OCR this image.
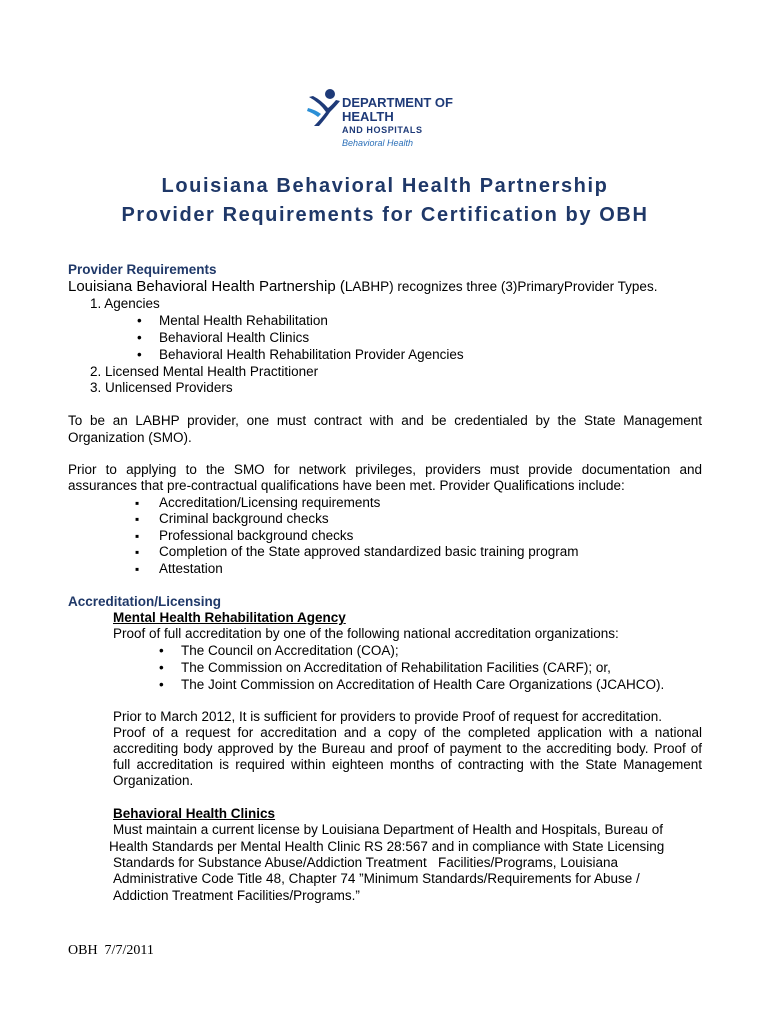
DEPARTMENT OF
HEALTH
AND HOSPITALS
Behavioral Health
Louisiana Behavioral Health Partnership
Provider Requirements for Certification by OBH
Provider Requirements
Louisiana Behavioral Health Partnership (LABHP) recognizes three (3)PrimaryProvider Types.
1. Agencies
• Mental Health Rehabilitation
• Behavioral Health Clinics
• Behavioral Health Rehabilitation Provider Agencies
2. Licensed Mental Health Practitioner
3. Unlicensed Providers
To be an LABHP provider, one must contract with and be credentialed by the State Management
Organization (SMO).
Prior to applying to the SMO for network privileges, providers must provide documentation and
assurances that pre-contractual qualifications have been met. Provider Qualifications include:
▪ Accreditation/Licensing requirements
▪ Criminal background checks
▪ Professional background checks
▪ Completion of the State approved standardized basic training program
▪ Attestation
Accreditation/Licensing
Mental Health Rehabilitation Agency
Proof of full accreditation by one of the following national accreditation organizations:
• The Council on Accreditation (COA);
• The Commission on Accreditation of Rehabilitation Facilities (CARF); or,
• The Joint Commission on Accreditation of Health Care Organizations (JCAHCO).
Prior to March 2012, It is sufficient for providers to provide Proof of request for accreditation.
Proof of a request for accreditation and a copy of the completed application with a national
accrediting body approved by the Bureau and proof of payment to the accrediting body. Proof of
full accreditation is required within eighteen months of contracting with the State Management
Organization.
Behavioral Health Clinics
Must maintain a current license by Louisiana Department of Health and Hospitals, Bureau of
Health Standards per Mental Health Clinic RS 28:567 and in compliance with State Licensing
Standards for Substance Abuse/Addiction Treatment   Facilities/Programs, Louisiana
Administrative Code Title 48, Chapter 74 ”Minimum Standards/Requirements for Abuse /
Addiction Treatment Facilities/Programs.”
OBH  7/7/2011
